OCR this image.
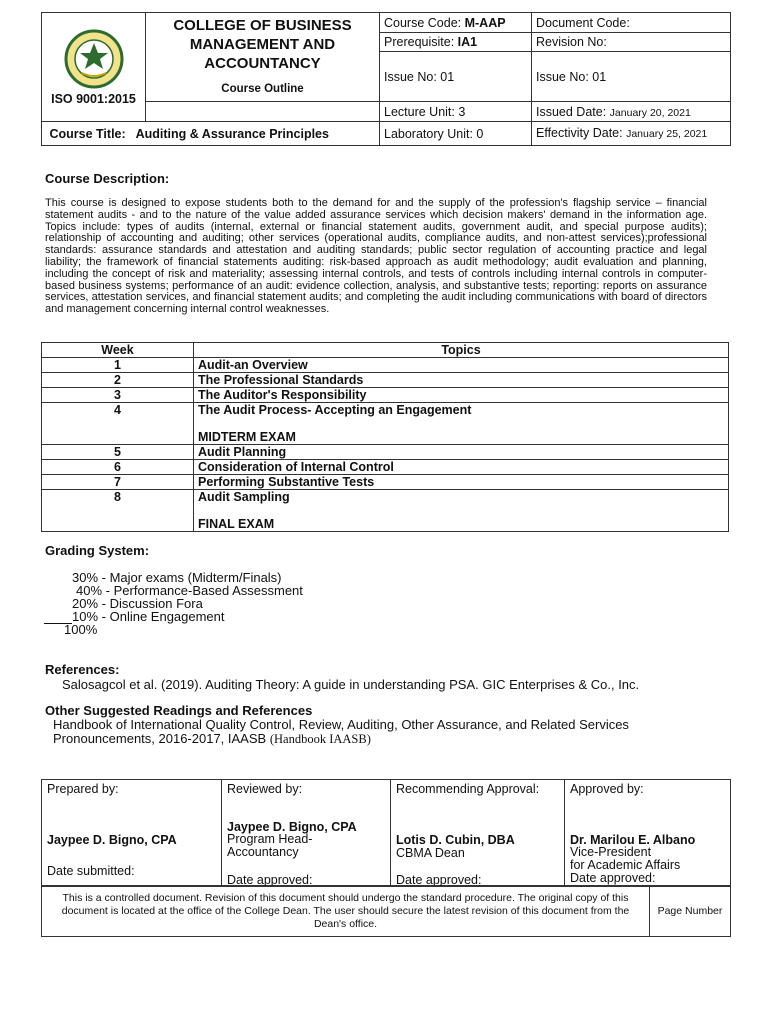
ISO 9001:2015	COLLEGE OF BUSINESS MANAGEMENT AND ACCOUNTANCY
Course Outline	Course Code: M-AAP	Document Code:
		Prerequisite: IA1	Revision No:
		Issue No: 01	Issue No: 01
		Lecture Unit: 3	Issued Date: January 20, 2021
Course Title: Auditing & Assurance Principles		Laboratory Unit: 0	Effectivity Date: January 25, 2021
Course Description:
This course is designed to expose students both to the demand for and the supply of the profession's flagship service – financial statement audits - and to the nature of the value added assurance services which decision makers' demand in the information age. Topics include: types of audits (internal, external or financial statement audits, government audit, and special purpose audits); relationship of accounting and auditing; other services (operational audits, compliance audits, and non-attest services);professional standards: assurance standards and attestation and auditing standards; public sector regulation of accounting practice and legal liability; the framework of financial statements auditing: risk-based approach as audit methodology; audit evaluation and planning, including the concept of risk and materiality; assessing internal controls, and tests of controls including internal controls in computer-based business systems; performance of an audit: evidence collection, analysis, and substantive tests; reporting: reports on assurance services, attestation services, and financial statement audits; and completing the audit including communications with board of directors and management concerning internal control weaknesses.
Week	Topics
1	Audit-an Overview
2	The Professional Standards
3	The Auditor's Responsibility
4	The Audit Process- Accepting an Engagement
MIDTERM EXAM

5	Audit Planning
6	Consideration of Internal Control
7	Performing Substantive Tests
8	Audit Sampling
FINAL EXAM
Grading System:
30% - Major exams (Midterm/Finals)
40% - Performance-Based Assessment
20% - Discussion Fora
10% - Online Engagement
100%
References:
Salosagcol et al. (2019). Auditing Theory: A guide in understanding PSA. GIC Enterprises & Co., Inc.
Other Suggested Readings and References
Handbook of International Quality Control, Review, Auditing, Other Assurance, and Related Services
Pronouncements, 2016-2017, IAASB (Handbook IAASB)
Prepared by:
Jaypee D. Bigno, CPA
Date submitted:

Reviewed by:
Jaypee D. Bigno, CPA
Program Head-
Accountancy
Date approved:

Recommending Approval:
Lotis D. Cubin, DBA
CBMA Dean
Date approved:

Approved by:
Dr. Marilou E. Albano
Vice-President
for Academic Affairs
Date approved:
This is a controlled document. Revision of this document should undergo the standard procedure. The original copy of this document is located at the office of the College Dean. The user should secure the latest revision of this document from the Dean's office.	Page Number
